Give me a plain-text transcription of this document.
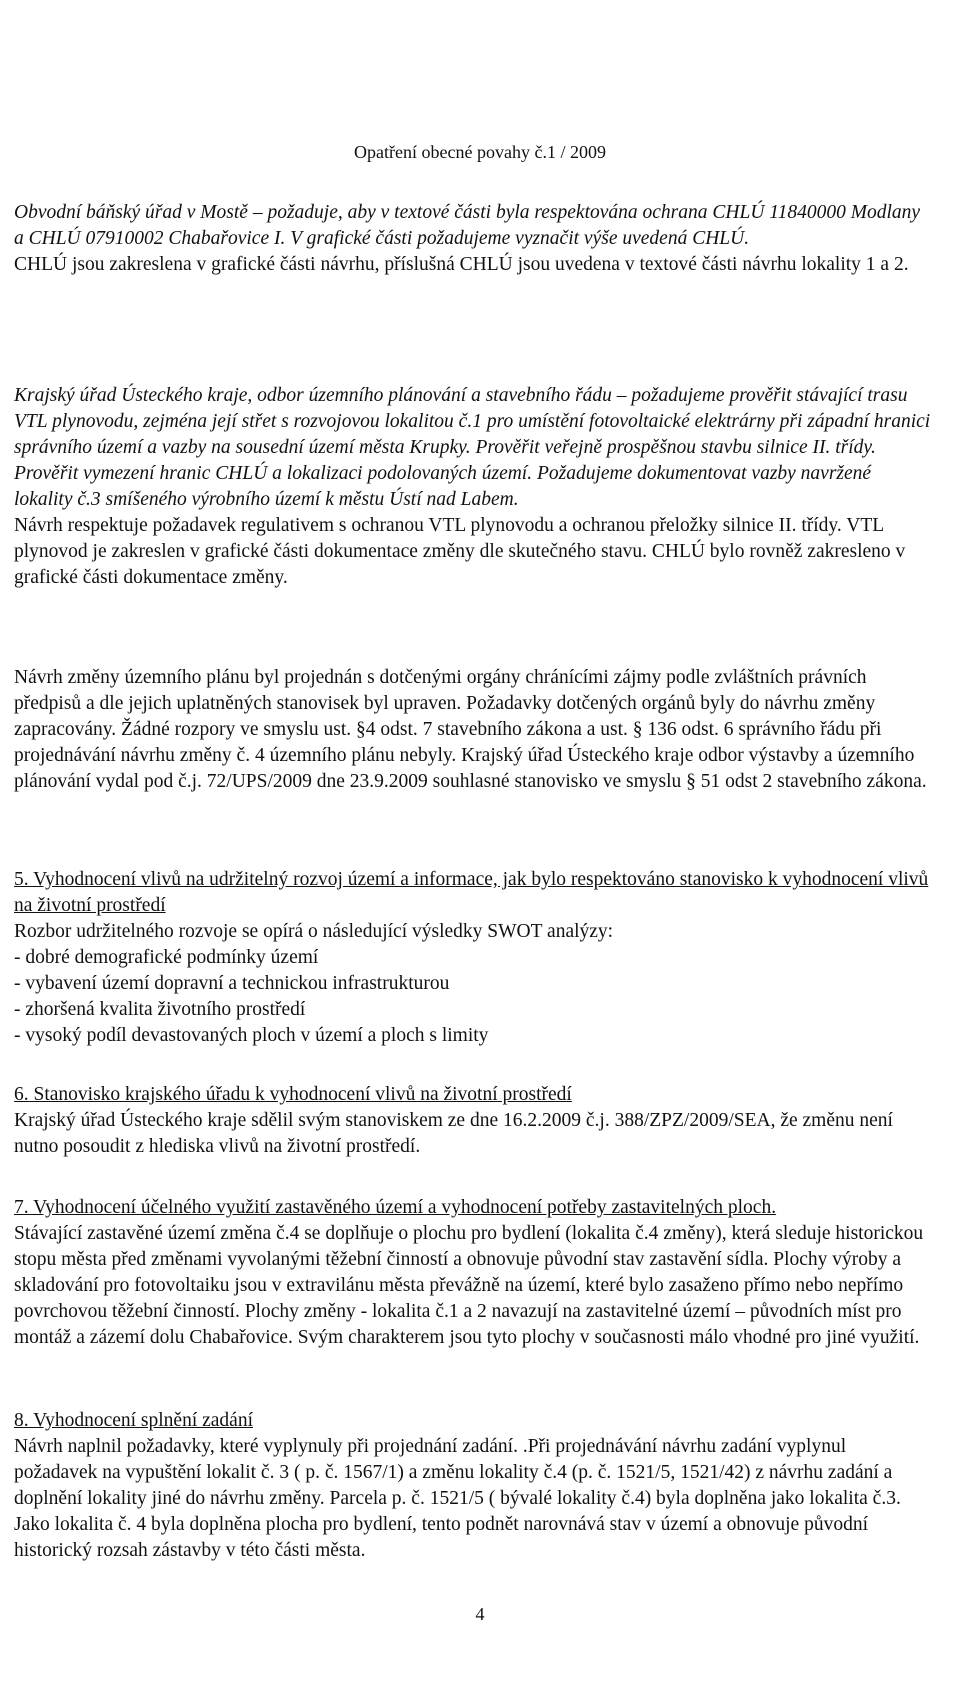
Opatření obecné povahy č.1 / 2009

Obvodní báňský úřad v Mostě – požaduje, aby v textové části byla respektována ochrana CHLÚ 11840000 Modlany a CHLÚ 07910002 Chabařovice I. V grafické části požadujeme vyznačit výše uvedená CHLÚ.

CHLÚ jsou zakreslena v grafické části návrhu, příslušná CHLÚ jsou uvedena v textové části návrhu lokality 1 a 2.

Krajský úřad Ústeckého kraje, odbor územního plánování a stavebního řádu – požadujeme prověřit stávající trasu VTL plynovodu, zejména její střet s rozvojovou lokalitou č.1 pro umístění fotovoltaické elektrárny při západní hranici správního území a vazby na sousední území města Krupky. Prověřit veřejně prospěšnou stavbu silnice II. třídy. Prověřit vymezení hranic CHLÚ a lokalizaci podolovaných území. Požadujeme dokumentovat vazby navržené lokality č.3 smíšeného výrobního území k městu Ústí nad Labem.

Návrh respektuje požadavek regulativem s ochranou VTL plynovodu a ochranou přeložky silnice II. třídy. VTL plynovod je zakreslen v grafické části dokumentace změny dle skutečného stavu. CHLÚ bylo rovněž zakresleno v grafické části dokumentace změny.

Návrh změny územního plánu byl projednán s dotčenými orgány chránícími zájmy podle zvláštních právních předpisů a dle jejich uplatněných stanovisek byl upraven. Požadavky dotčených orgánů byly do návrhu změny zapracovány. Žádné rozpory ve smyslu ust. §4 odst. 7 stavebního zákona a ust. § 136 odst. 6 správního řádu při projednávání návrhu změny č. 4 územního plánu nebyly. Krajský úřad Ústeckého kraje odbor výstavby a územního plánování vydal pod č.j. 72/UPS/2009 dne 23.9.2009 souhlasné stanovisko ve smyslu § 51 odst 2 stavebního zákona.

5. Vyhodnocení vlivů na udržitelný rozvoj území a informace, jak bylo respektováno stanovisko k vyhodnocení vlivů na životní prostředí

Rozbor udržitelného rozvoje se opírá o následující výsledky SWOT analýzy:

- dobré demografické podmínky území

- vybavení území dopravní a technickou infrastrukturou

- zhoršená kvalita životního prostředí

- vysoký podíl devastovaných ploch v území a ploch s limity

6. Stanovisko krajského úřadu k vyhodnocení vlivů na životní prostředí

Krajský úřad Ústeckého kraje sdělil svým stanoviskem ze dne 16.2.2009 č.j. 388/ZPZ/2009/SEA, že změnu není nutno posoudit z hlediska vlivů na životní prostředí.

7. Vyhodnocení účelného využití zastavěného území a vyhodnocení potřeby zastavitelných ploch.

Stávající zastavěné území změna č.4 se doplňuje o plochu pro bydlení (lokalita č.4 změny), která sleduje historickou stopu města před změnami vyvolanými těžební činností a obnovuje původní stav zastavění sídla. Plochy výroby a skladování pro fotovoltaiku jsou v extravilánu města převážně na území, které bylo zasaženo přímo nebo nepřímo povrchovou těžební činností. Plochy změny - lokalita č.1 a 2 navazují na zastavitelné území – původních míst pro montáž a zázemí dolu Chabařovice. Svým charakterem jsou tyto plochy v současnosti málo vhodné pro jiné využití.

8. Vyhodnocení splnění zadání

Návrh naplnil požadavky, které vyplynuly při projednání zadání. .Při projednávání návrhu zadání vyplynul požadavek na vypuštění lokalit č. 3 ( p. č. 1567/1) a změnu lokality č.4 (p. č. 1521/5, 1521/42) z návrhu zadání a doplnění lokality jiné do návrhu změny. Parcela p. č. 1521/5 ( bývalé lokality č.4) byla doplněna jako lokalita č.3.

Jako lokalita č. 4 byla doplněna plocha pro bydlení, tento podnět narovnává stav v území a obnovuje původní historický rozsah zástavby v této části města.

4
